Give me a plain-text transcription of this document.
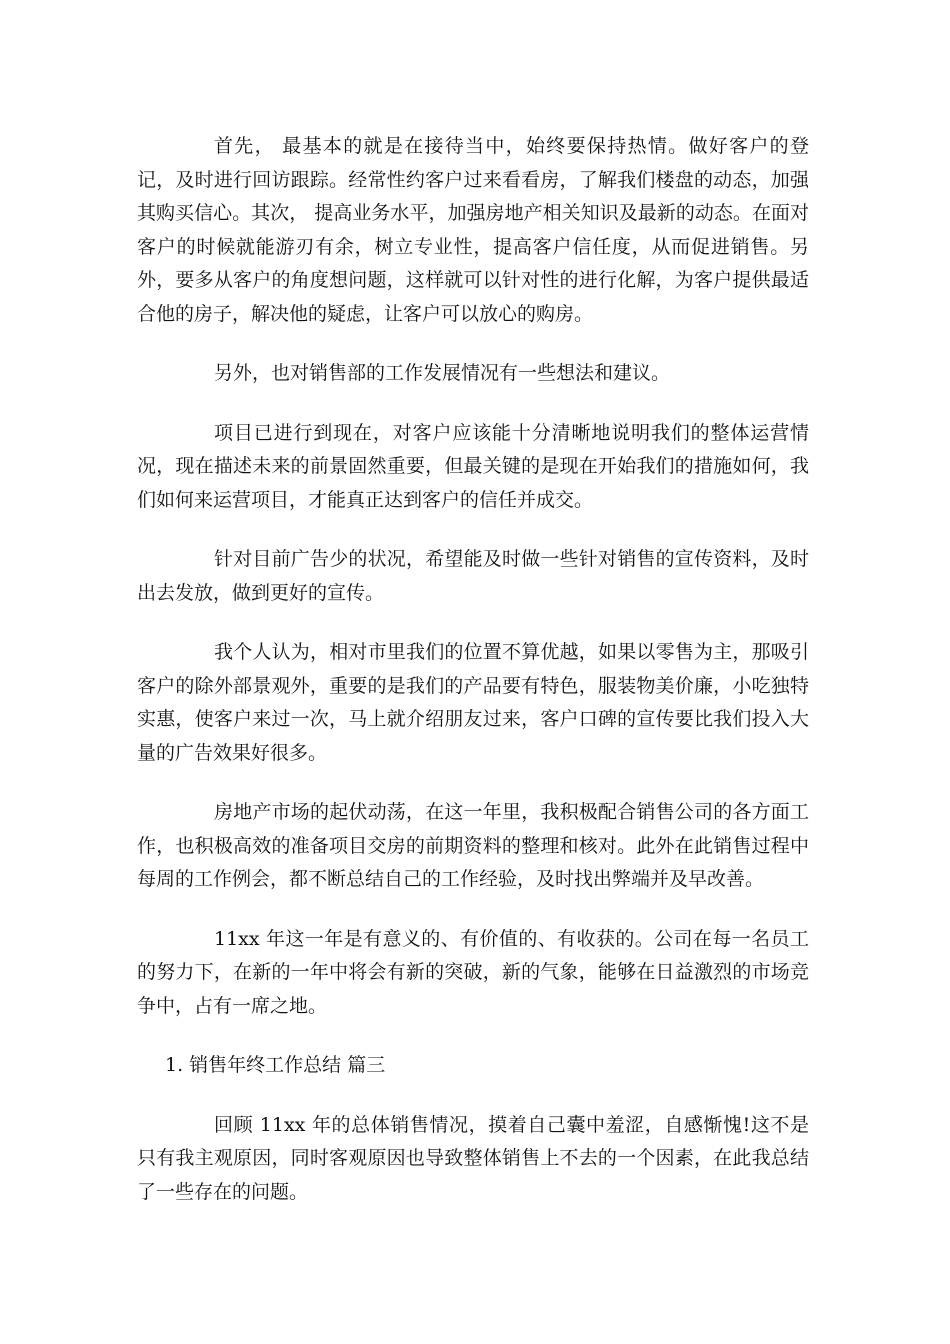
首先， 最基本的就是在接待当中，始终要保持热情。做好客户的登记，及时进行回访跟踪。经常性约客户过来看看房，了解我们楼盘的动态，加强其购买信心。其次， 提高业务水平，加强房地产相关知识及最新的动态。在面对客户的时候就能游刃有余，树立专业性，提高客户信任度，从而促进销售。另外，要多从客户的角度想问题，这样就可以针对性的进行化解，为客户提供最适合他的房子，解决他的疑虑，让客户可以放心的购房。

另外，也对销售部的工作发展情况有一些想法和建议。

项目已进行到现在，对客户应该能十分清晰地说明我们的整体运营情况，现在描述未来的前景固然重要，但最关键的是现在开始我们的措施如何，我们如何来运营项目，才能真正达到客户的信任并成交。

针对目前广告少的状况，希望能及时做一些针对销售的宣传资料，及时出去发放，做到更好的宣传。

我个人认为，相对市里我们的位置不算优越，如果以零售为主，那吸引客户的除外部景观外，重要的是我们的产品要有特色，服装物美价廉，小吃独特实惠，使客户来过一次，马上就介绍朋友过来，客户口碑的宣传要比我们投入大量的广告效果好很多。

房地产市场的起伏动荡，在这一年里，我积极配合销售公司的各方面工作，也积极高效的准备项目交房的前期资料的整理和核对。此外在此销售过程中每周的工作例会，都不断总结自己的工作经验，及时找出弊端并及早改善。

11xx 年这一年是有意义的、有价值的、有收获的。公司在每一名员工的努力下，在新的一年中将会有新的突破，新的气象，能够在日益激烈的市场竞争中，占有一席之地。

1. 销售年终工作总结 篇三

回顾 11xx 年的总体销售情况，摸着自己囊中羞涩，自感惭愧!这不是只有我主观原因，同时客观原因也导致整体销售上不去的一个因素，在此我总结了一些存在的问题。
